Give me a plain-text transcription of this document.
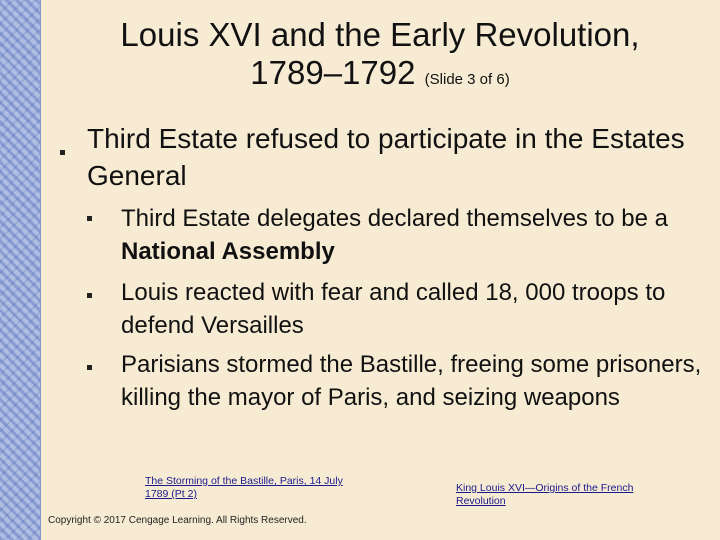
Louis XVI and the Early Revolution,
1789–1792 (Slide 3 of 6)
Third Estate refused to participate in the Estates General
Third Estate delegates declared themselves to be a National Assembly
Louis reacted with fear and called 18, 000 troops to defend Versailles
Parisians stormed the Bastille, freeing some prisoners, killing the mayor of Paris, and seizing weapons
The Storming of the Bastille, Paris, 14 July 1789 (Pt 2)	King Louis XVI—Origins of the French Revolution
Copyright © 2017 Cengage Learning. All Rights Reserved.
